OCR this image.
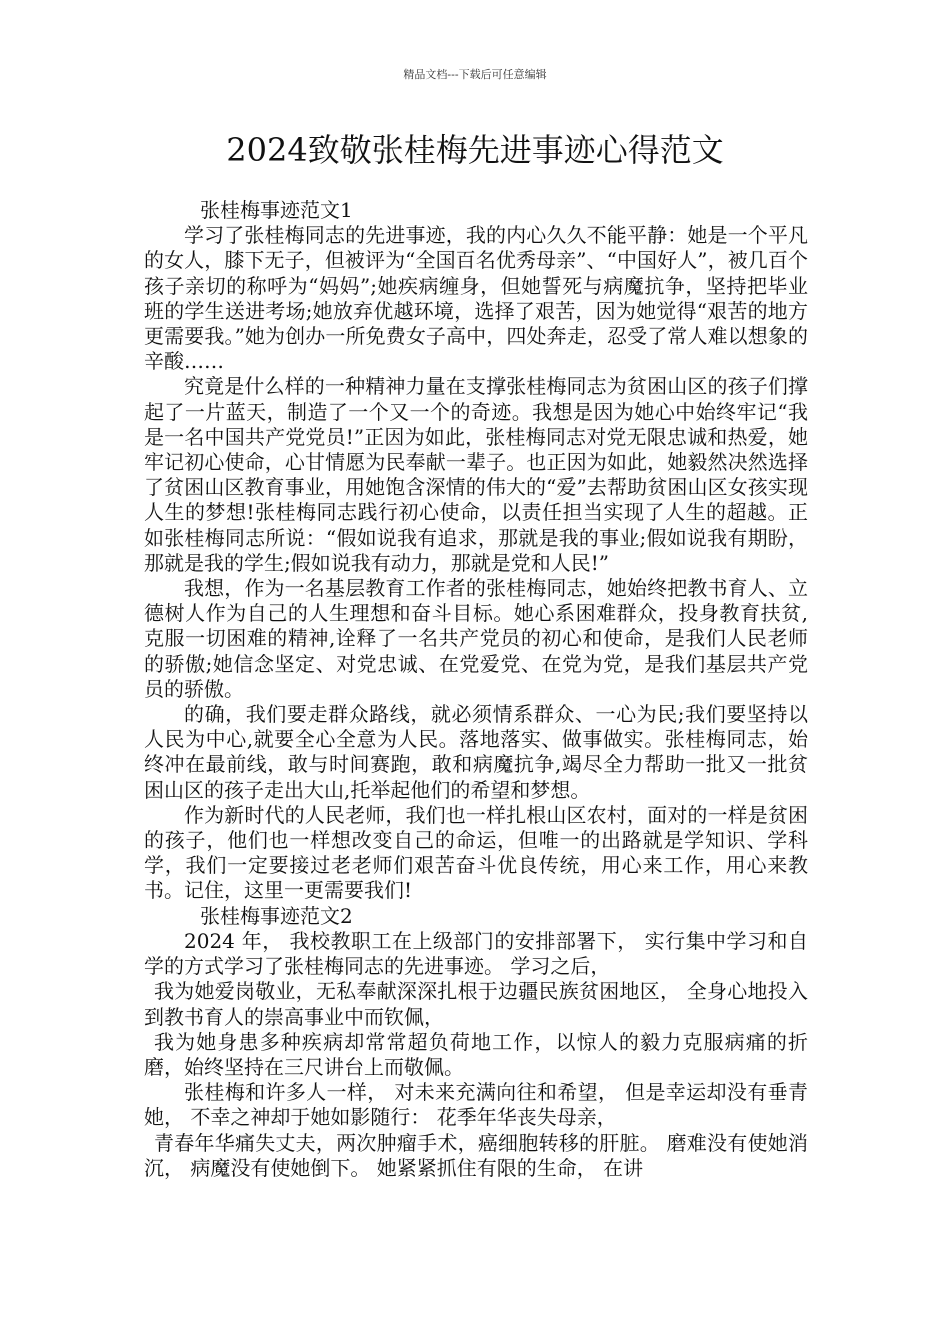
精品文档---下载后可任意编辑
2024致敬张桂梅先进事迹心得范文

张桂梅事迹范文1

学习了张桂梅同志的先进事迹，我的内心久久不能平静：她是一个平凡的女人，膝下无子，但被评为“全国百名优秀母亲”、“中国好人”，被几百个孩子亲切的称呼为“妈妈”;她疾病缠身，但她誓死与病魔抗争，坚持把毕业班的学生送进考场;她放弃优越环境，选择了艰苦，因为她觉得“艰苦的地方更需要我。”她为创办一所免费女子高中，四处奔走，忍受了常人难以想象的辛酸……

究竟是什么样的一种精神力量在支撑张桂梅同志为贫困山区的孩子们撑起了一片蓝天，制造了一个又一个的奇迹。我想是因为她心中始终牢记“我是一名中国共产党党员!”正因为如此，张桂梅同志对党无限忠诚和热爱，她牢记初心使命，心甘情愿为民奉献一辈子。也正因为如此，她毅然决然选择了贫困山区教育事业，用她饱含深情的伟大的“爱”去帮助贫困山区女孩实现人生的梦想!张桂梅同志践行初心使命，以责任担当实现了人生的超越。正如张桂梅同志所说：“假如说我有追求，那就是我的事业;假如说我有期盼，那就是我的学生;假如说我有动力，那就是党和人民!”

我想，作为一名基层教育工作者的张桂梅同志，她始终把教书育人、立德树人作为自己的人生理想和奋斗目标。她心系困难群众，投身教育扶贫,克服一切困难的精神,诠释了一名共产党员的初心和使命，是我们人民老师的骄傲;她信念坚定、对党忠诚、在党爱党、在党为党，是我们基层共产党员的骄傲。

的确，我们要走群众路线，就必须情系群众、一心为民;我们要坚持以人民为中心,就要全心全意为人民。落地落实、做事做实。张桂梅同志，始终冲在最前线，敢与时间赛跑，敢和病魔抗争,竭尽全力帮助一批又一批贫困山区的孩子走出大山,托举起他们的希望和梦想。

作为新时代的人民老师，我们也一样扎根山区农村，面对的一样是贫困的孩子，他们也一样想改变自己的命运，但唯一的出路就是学知识、学科学，我们一定要接过老老师们艰苦奋斗优良传统，用心来工作，用心来教书。记住，这里一更需要我们!

张桂梅事迹范文2

2024 年， 我校教职工在上级部门的安排部署下， 实行集中学习和自学的方式学习了张桂梅同志的先进事迹。 学习之后，

我为她爱岗敬业，无私奉献深深扎根于边疆民族贫困地区， 全身心地投入到教书育人的崇高事业中而钦佩，

我为她身患多种疾病却常常超负荷地工作，以惊人的毅力克服病痛的折磨，始终坚持在三尺讲台上而敬佩。

张桂梅和许多人一样， 对未来充满向往和希望， 但是幸运却没有垂青她， 不幸之神却于她如影随行： 花季年华丧失母亲，

青春年华痛失丈夫，两次肿瘤手术，癌细胞转移的肝脏。 磨难没有使她消沉， 病魔没有使她倒下。 她紧紧抓住有限的生命， 在讲
